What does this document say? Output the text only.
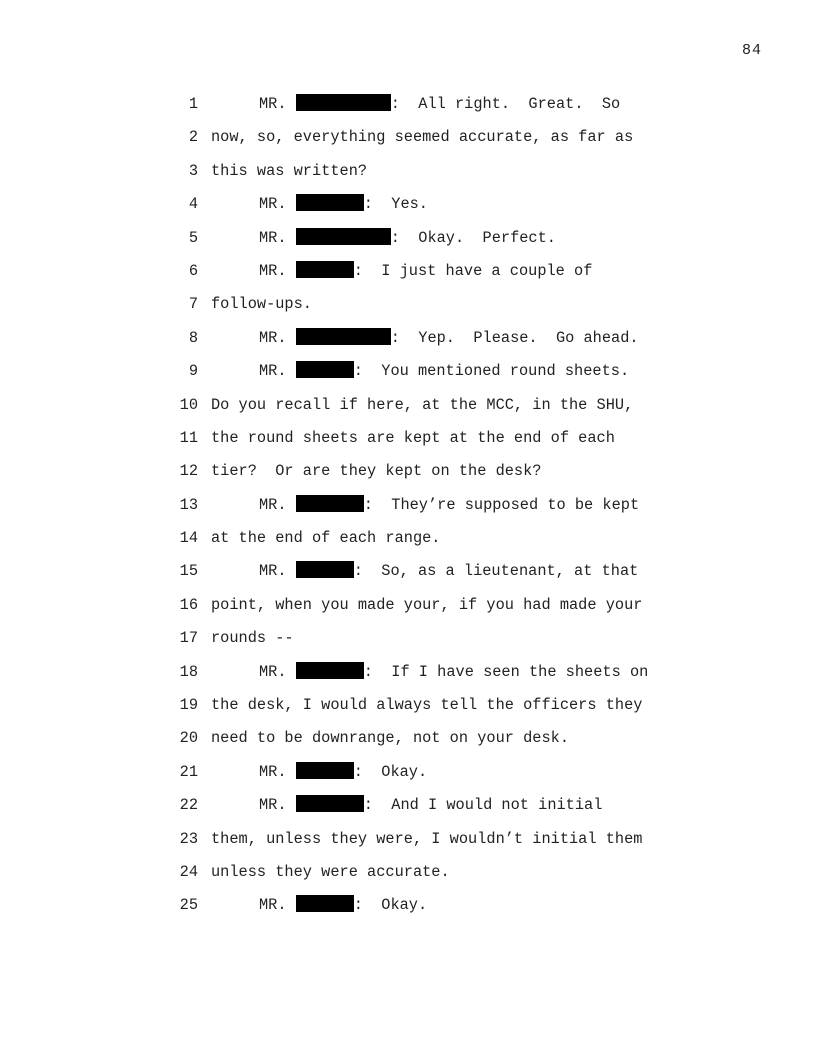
84
1	MR.	:  All right.  Great.  So
2 now, so, everything seemed accurate, as far as
3 this was written?
4	MR.	:  Yes.
5	MR.	:  Okay.  Perfect.
6	MR.	:  I just have a couple of
7 follow-ups.
8	MR.	:  Yep.  Please.  Go ahead.
9	MR.	:  You mentioned round sheets.
10 Do you recall if here, at the MCC, in the SHU,
11 the round sheets are kept at the end of each
12 tier?  Or are they kept on the desk?
13	MR.	:  They’re supposed to be kept
14 at the end of each range.
15	MR.	:  So, as a lieutenant, at that
16 point, when you made your, if you had made your
17 rounds --
18	MR.	:  If I have seen the sheets on
19 the desk, I would always tell the officers they
20 need to be downrange, not on your desk.
21	MR.	:  Okay.
22	MR.	:  And I would not initial
23 them, unless they were, I wouldn’t initial them
24 unless they were accurate.
25	MR.	:  Okay.
